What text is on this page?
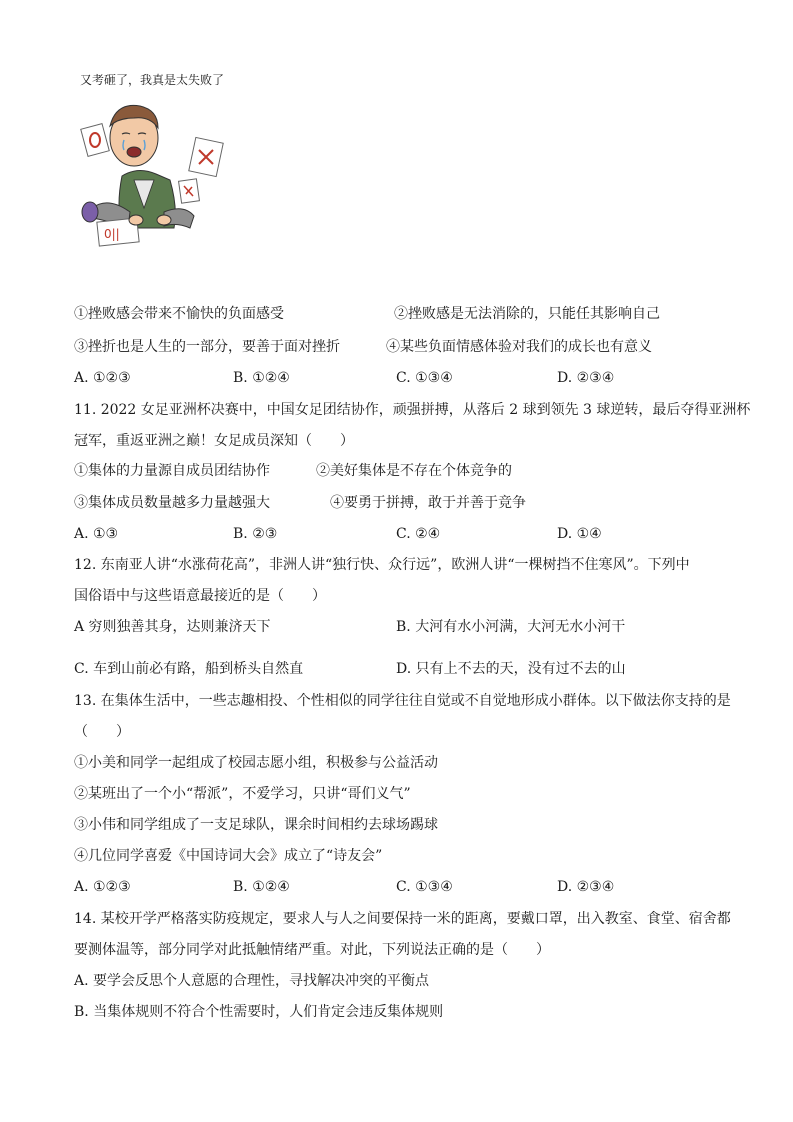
又考砸了，我真是太失败了
0||
①挫败感会带来不愉快的负面感受	②挫败感是无法消除的，只能任其影响自己
③挫折也是人生的一部分，要善于面对挫折	④某些负面情感体验对我们的成长也有意义
A. ①②③	B. ①②④	C. ①③④	D. ②③④
11. 2022 女足亚洲杯决赛中，中国女足团结协作，顽强拼搏，从落后 2 球到领先 3 球逆转，最后夺得亚洲杯
冠军，重返亚洲之巅！女足成员深知（　　）
①集体的力量源自成员团结协作	②美好集体是不存在个体竞争的
③集体成员数量越多力量越强大	④要勇于拼搏，敢于并善于竞争
A. ①③	B. ②③	C. ②④	D. ①④
12. 东南亚人讲“水涨荷花高”，非洲人讲“独行快、众行远”，欧洲人讲“一棵树挡不住寒风”。下列中
国俗语中与这些语意最接近的是（　　）
A 穷则独善其身，达则兼济天下	B. 大河有水小河满，大河无水小河干
C. 车到山前必有路，船到桥头自然直	D. 只有上不去的天，没有过不去的山
13. 在集体生活中，一些志趣相投、个性相似的同学往往自觉或不自觉地形成小群体。以下做法你支持的是
（　　）
①小美和同学一起组成了校园志愿小组，积极参与公益活动
②某班出了一个小“帮派”，不爱学习，只讲“哥们义气”
③小伟和同学组成了一支足球队，课余时间相约去球场踢球
④几位同学喜爱《中国诗词大会》成立了“诗友会”
A. ①②③	B. ①②④	C. ①③④	D. ②③④
14. 某校开学严格落实防疫规定，要求人与人之间要保持一米的距离，要戴口罩，出入教室、食堂、宿舍都
要测体温等，部分同学对此抵触情绪严重。对此，下列说法正确的是（　　）
A. 要学会反思个人意愿的合理性，寻找解决冲突的平衡点
B. 当集体规则不符合个性需要时，人们肯定会违反集体规则
